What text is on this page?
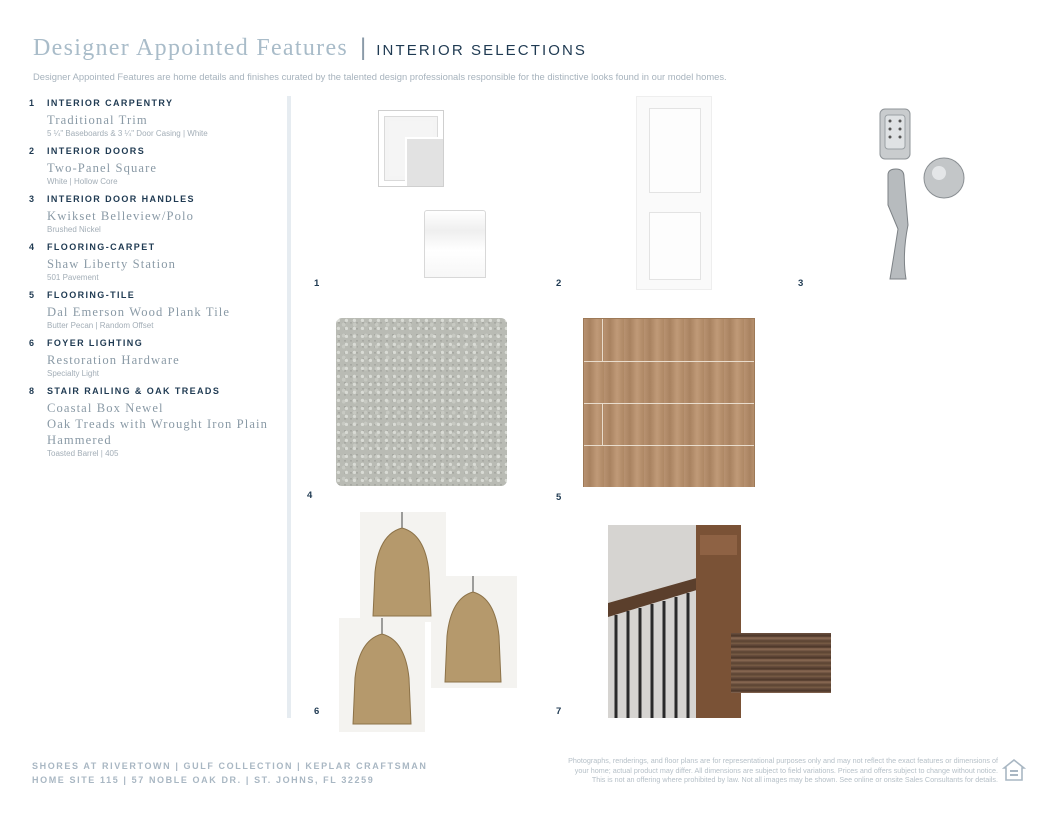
Designer Appointed Features | INTERIOR SELECTIONS
Designer Appointed Features are home details and finishes curated by the talented design professionals responsible for the distinctive looks found in our model homes.
1	INTERIOR CARPENTRY
Traditional Trim
5 ¼" Baseboards & 3 ¼" Door Casing | White
2	INTERIOR DOORS
Two-Panel Square
White | Hollow Core
3	INTERIOR DOOR HANDLES
Kwikset Belleview/Polo
Brushed Nickel
4	FLOORING-CARPET
Shaw Liberty Station
501 Pavement
5	FLOORING-TILE
Dal Emerson Wood Plank Tile
Butter Pecan | Random Offset
6	FOYER LIGHTING
Restoration Hardware
Specialty Light
8	STAIR RAILING & OAK TREADS
Coastal Box Newel
Oak Treads with Wrought Iron Plain
Hammered
Toasted Barrel | 405
1	2	3
4	5
6	7
SHORES AT RIVERTOWN | GULF COLLECTION | KEPLAR CRAFTSMAN
HOME SITE 115 | 57 NOBLE OAK DR. | ST. JOHNS, FL 32259
Photographs, renderings, and floor plans are for representational purposes only and may not reflect the exact features or dimensions of
your home; actual product may differ. All dimensions are subject to field variations. Prices and offers subject to change without notice.
This is not an offering where prohibited by law. Not all images may be shown. See online or onsite Sales Consultants for details.
